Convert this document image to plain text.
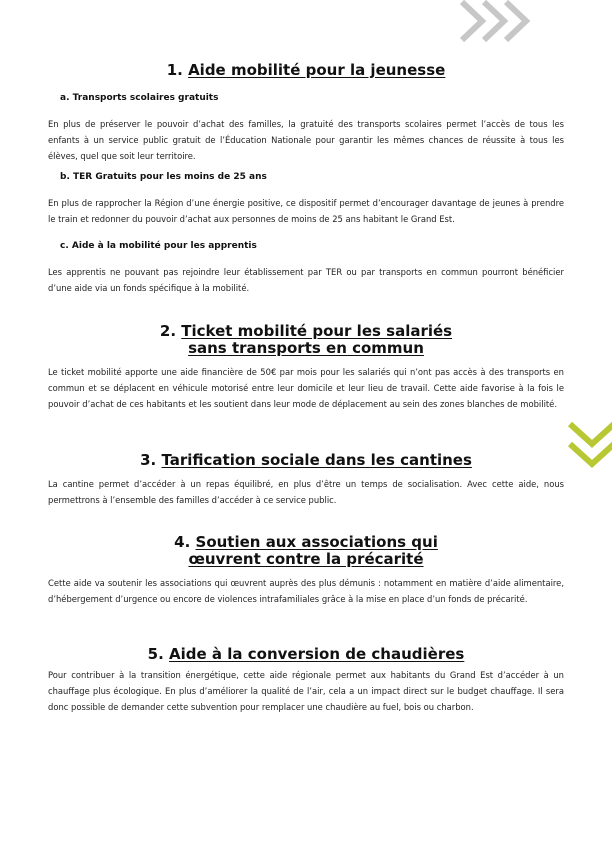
1. Aide mobilité pour la jeunesse
a. Transports scolaires gratuits

En plus de préserver le pouvoir d’achat des familles, la gratuité des transports scolaires permet l’accès de tous les enfants à un service public gratuit de l’Éducation Nationale pour garantir les mêmes chances de réussite à tous les élèves, quel que soit leur territoire.

b. TER Gratuits pour les moins de 25 ans

En plus de rapprocher la Région d’une énergie positive, ce dispositif permet d’encourager davantage de jeunes à prendre le train et redonner du pouvoir d’achat aux personnes de moins de 25 ans habitant le Grand Est.

c. Aide à la mobilité pour les apprentis

Les apprentis ne pouvant pas rejoindre leur établissement par TER ou par transports en commun pourront bénéficier d’une aide via un fonds spécifique à la mobilité.

2. Ticket mobilité pour les salariés
sans transports en commun

Le ticket mobilité apporte une aide financière de 50€ par mois pour les salariés qui n’ont pas accès à des transports en commun et se déplacent en véhicule motorisé entre leur domicile et leur lieu de travail. Cette aide favorise à la fois le pouvoir d’achat de ces habitants et les soutient dans leur mode de déplacement au sein des zones blanches de mobilité.

3. Tarification sociale dans les cantines

La cantine permet d’accéder à un repas équilibré, en plus d’être un temps de socialisation. Avec cette aide, nous permettrons à l’ensemble des familles d’accéder à ce service public.

4. Soutien aux associations qui
œuvrent contre la précarité

Cette aide va soutenir les associations qui œuvrent auprès des plus démunis : notamment en matière d’aide alimentaire, d’hébergement d’urgence ou encore de violences intrafamiliales grâce à la mise en place d’un fonds de précarité.

5. Aide à la conversion de chaudières

Pour contribuer à la transition énergétique, cette aide régionale permet aux habitants du Grand Est d’accéder à un chauffage plus écologique. En plus d’améliorer la qualité de l’air, cela a un impact direct sur le budget chauffage. Il sera donc possible de demander cette subvention pour remplacer une chaudière au fuel, bois ou charbon.
